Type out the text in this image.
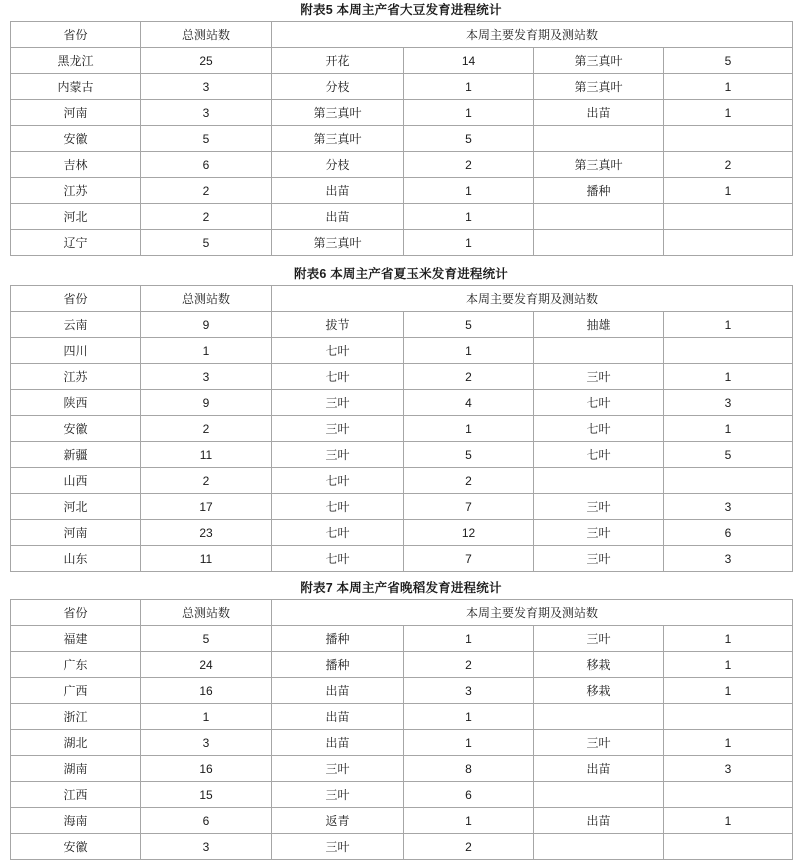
附表5 本周主产省大豆发育进程统计
省份	总测站数	本周主要发育期及测站数			
黑龙江	25	开花	14	第三真叶	5
内蒙古	3	分枝	1	第三真叶	1
河南	3	第三真叶	1	出苗	1
安徽	5	第三真叶	5		
吉林	6	分枝	2	第三真叶	2
江苏	2	出苗	1	播种	1
河北	2	出苗	1		
辽宁	5	第三真叶	1		
附表6 本周主产省夏玉米发育进程统计
省份	总测站数	本周主要发育期及测站数			
云南	9	拔节	5	抽雄	1
四川	1	七叶	1		
江苏	3	七叶	2	三叶	1
陕西	9	三叶	4	七叶	3
安徽	2	三叶	1	七叶	1
新疆	11	三叶	5	七叶	5
山西	2	七叶	2		
河北	17	七叶	7	三叶	3
河南	23	七叶	12	三叶	6
山东	11	七叶	7	三叶	3
附表7 本周主产省晚稻发育进程统计
省份	总测站数	本周主要发育期及测站数			
福建	5	播种	1	三叶	1
广东	24	播种	2	移栽	1
广西	16	出苗	3	移栽	1
浙江	1	出苗	1		
湖北	3	出苗	1	三叶	1
湖南	16	三叶	8	出苗	3
江西	15	三叶	6		
海南	6	返青	1	出苗	1
安徽	3	三叶	2		
